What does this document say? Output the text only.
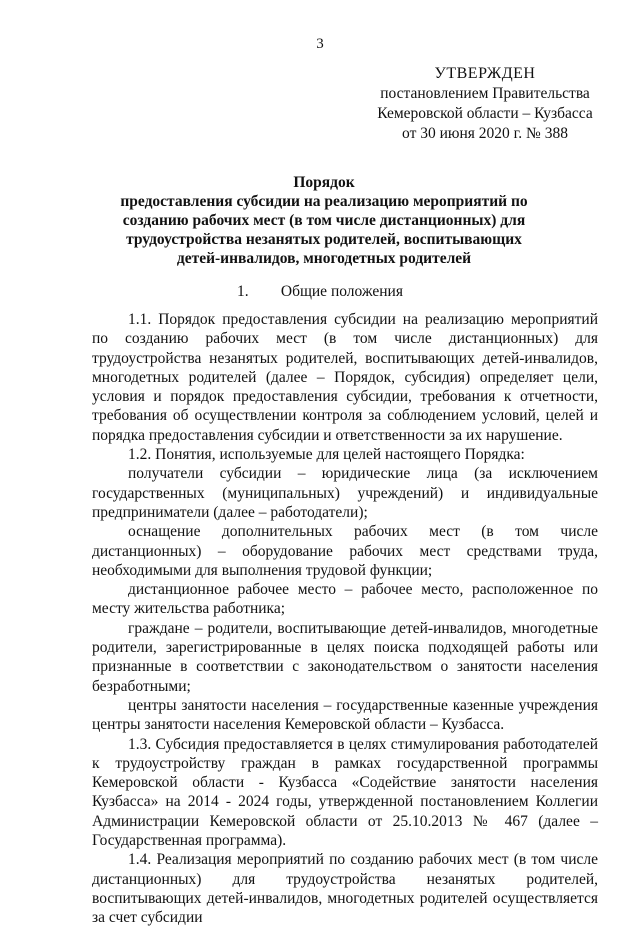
3
УТВЕРЖДЕН
постановлением Правительства
Кемеровской области – Кузбасса
от 30 июня 2020 г. № 388
Порядок
предоставления субсидии на реализацию мероприятий по созданию рабочих мест (в том числе дистанционных) для трудоустройства незанятых родителей, воспитывающих детей-инвалидов, многодетных родителей
1. Общие положения

1.1. Порядок предоставления субсидии на реализацию мероприятий по созданию рабочих мест (в том числе дистанционных) для трудоустройства незанятых родителей, воспитывающих детей-инвалидов, многодетных родителей (далее – Порядок, субсидия) определяет цели, условия и порядок предоставления субсидии, требования к отчетности, требования об осуществлении контроля за соблюдением условий, целей и порядка предоставления субсидии и ответственности за их нарушение.

1.2. Понятия, используемые для целей настоящего Порядка:

получатели субсидии – юридические лица (за исключением государственных (муниципальных) учреждений) и индивидуальные предприниматели (далее – работодатели);

оснащение дополнительных рабочих мест (в том числе дистанционных) – оборудование рабочих мест средствами труда, необходимыми для выполнения трудовой функции;

дистанционное рабочее место – рабочее место, расположенное по месту жительства работника;

граждане – родители, воспитывающие детей-инвалидов, многодетные родители, зарегистрированные в целях поиска подходящей работы или признанные в соответствии с законодательством о занятости населения безработными;

центры занятости населения – государственные казенные учреждения центры занятости населения Кемеровской области – Кузбасса.

1.3. Субсидия предоставляется в целях стимулирования работодателей к трудоустройству граждан в рамках государственной программы Кемеровской области - Кузбасса «Содействие занятости населения Кузбасса» на 2014 - 2024 годы, утвержденной постановлением Коллегии Администрации Кемеровской области от 25.10.2013 № 467 (далее – Государственная программа).

1.4. Реализация мероприятий по созданию рабочих мест (в том числе дистанционных) для трудоустройства незанятых родителей, воспитывающих детей-инвалидов, многодетных родителей осуществляется за счет субсидии
